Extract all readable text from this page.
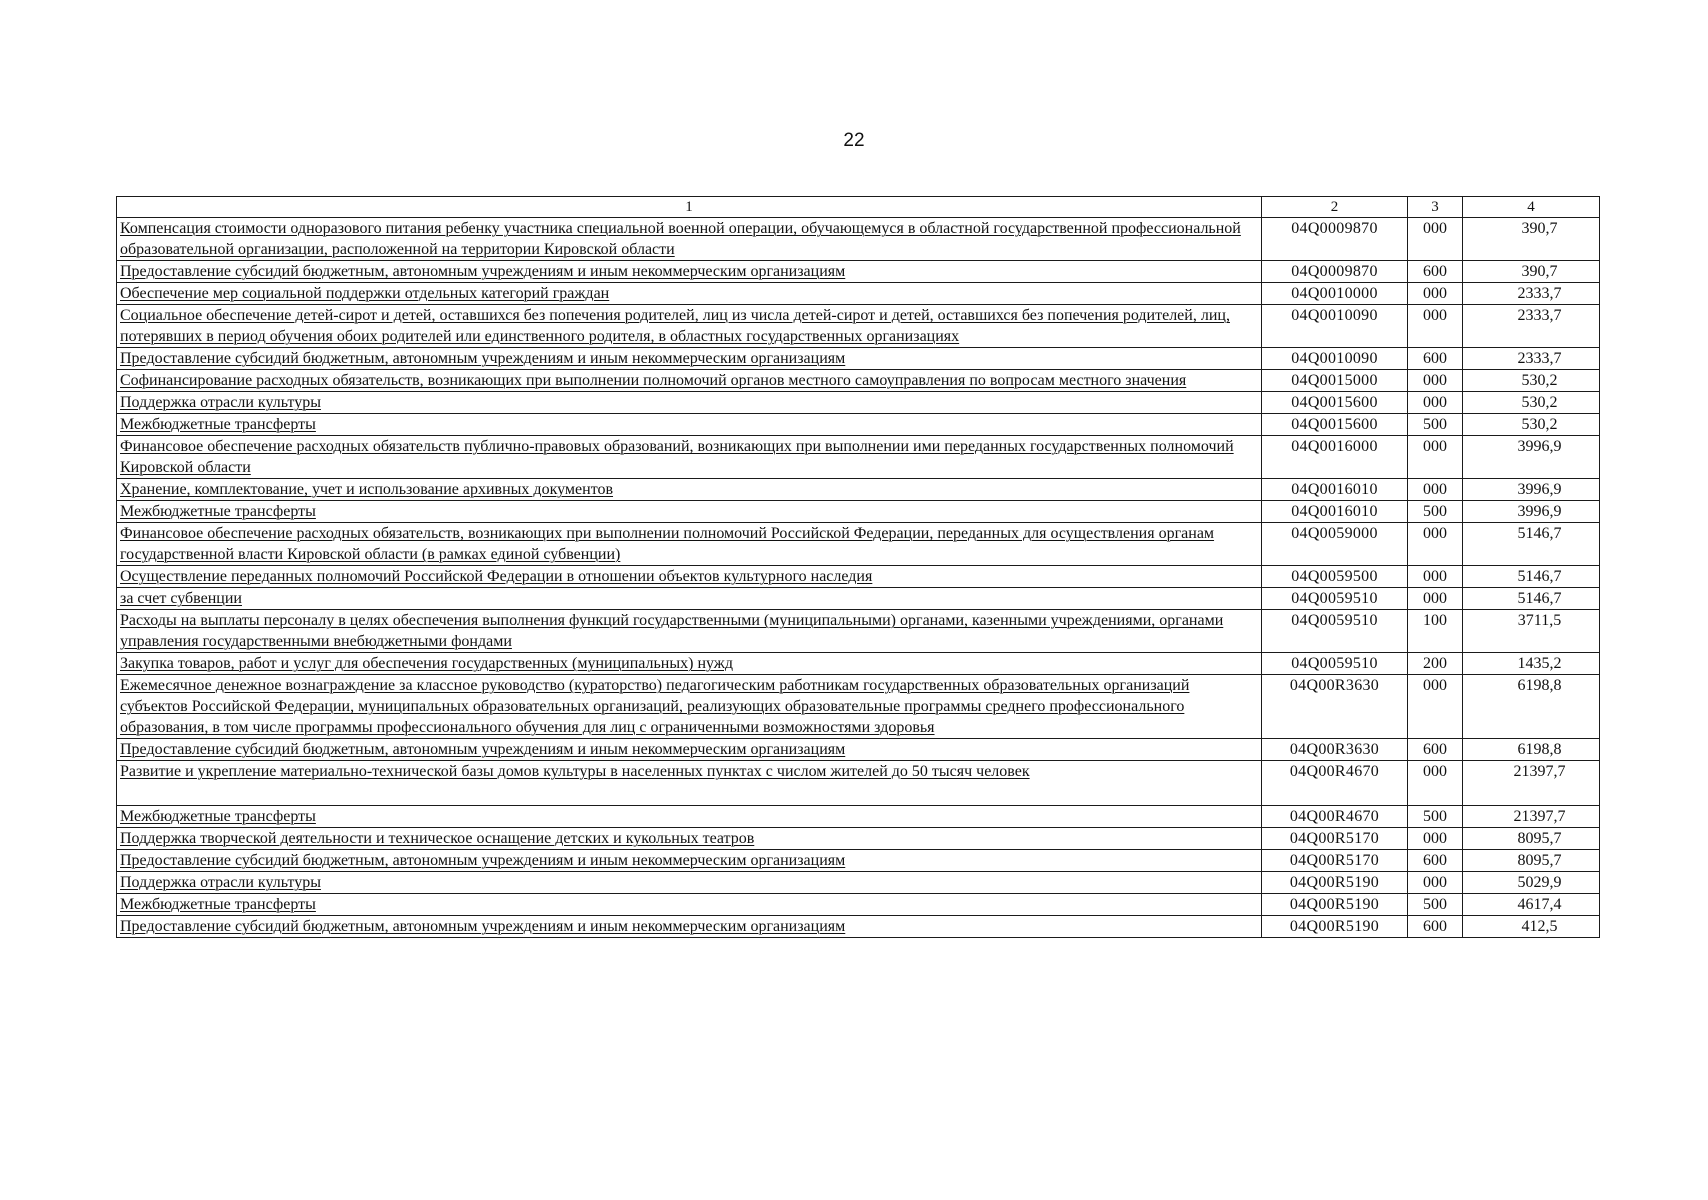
22
1	2	3	4
Компенсация стоимости одноразового питания ребенку участника специальной военной операции, обучающемуся в областной государственной профессиональной образовательной организации, расположенной на территории Кировской области	04Q0009870	000	390,7
Предоставление субсидий бюджетным, автономным учреждениям и иным некоммерческим организациям	04Q0009870	600	390,7
Обеспечение мер социальной поддержки отдельных категорий граждан	04Q0010000	000	2333,7
Социальное обеспечение детей-сирот и детей, оставшихся без попечения родителей, лиц из числа детей-сирот и детей, оставшихся без попечения родителей, лиц, потерявших в период обучения обоих родителей или единственного родителя, в областных государственных организациях	04Q0010090	000	2333,7
Предоставление субсидий бюджетным, автономным учреждениям и иным некоммерческим организациям	04Q0010090	600	2333,7
Софинансирование расходных обязательств, возникающих при выполнении полномочий органов местного самоуправления по вопросам местного значения	04Q0015000	000	530,2
Поддержка отрасли культуры	04Q0015600	000	530,2
Межбюджетные трансферты	04Q0015600	500	530,2
Финансовое обеспечение расходных обязательств публично-правовых образований, возникающих при выполнении ими переданных государственных полномочий Кировской области	04Q0016000	000	3996,9
Хранение, комплектование, учет и использование архивных документов	04Q0016010	000	3996,9
Межбюджетные трансферты	04Q0016010	500	3996,9
Финансовое обеспечение расходных обязательств, возникающих при выполнении полномочий Российской Федерации, переданных для осуществления органам государственной власти Кировской области (в рамках единой субвенции)	04Q0059000	000	5146,7
Осуществление переданных полномочий Российской Федерации в отношении объектов культурного наследия	04Q0059500	000	5146,7
за счет субвенции	04Q0059510	000	5146,7
Расходы на выплаты персоналу в целях обеспечения выполнения функций государственными (муниципальными) органами, казенными учреждениями, органами управления государственными внебюджетными фондами	04Q0059510	100	3711,5
Закупка товаров, работ и услуг для обеспечения государственных (муниципальных) нужд	04Q0059510	200	1435,2
Ежемесячное денежное вознаграждение за классное руководство (кураторство) педагогическим работникам государственных образовательных организаций субъектов Российской Федерации, муниципальных образовательных организаций, реализующих образовательные программы среднего профессионального образования, в том числе программы профессионального обучения для лиц с ограниченными возможностями здоровья	04Q00R3630	000	6198,8
Предоставление субсидий бюджетным, автономным учреждениям и иным некоммерческим организациям	04Q00R3630	600	6198,8
Развитие и укрепление материально-технической базы домов культуры в населенных пунктах с числом жителей до 50 тысяч человек	04Q00R4670	000	21397,7
Межбюджетные трансферты	04Q00R4670	500	21397,7
Поддержка творческой деятельности и техническое оснащение детских и кукольных театров	04Q00R5170	000	8095,7
Предоставление субсидий бюджетным, автономным учреждениям и иным некоммерческим организациям	04Q00R5170	600	8095,7
Поддержка отрасли культуры	04Q00R5190	000	5029,9
Межбюджетные трансферты	04Q00R5190	500	4617,4
Предоставление субсидий бюджетным, автономным учреждениям и иным некоммерческим организациям	04Q00R5190	600	412,5
